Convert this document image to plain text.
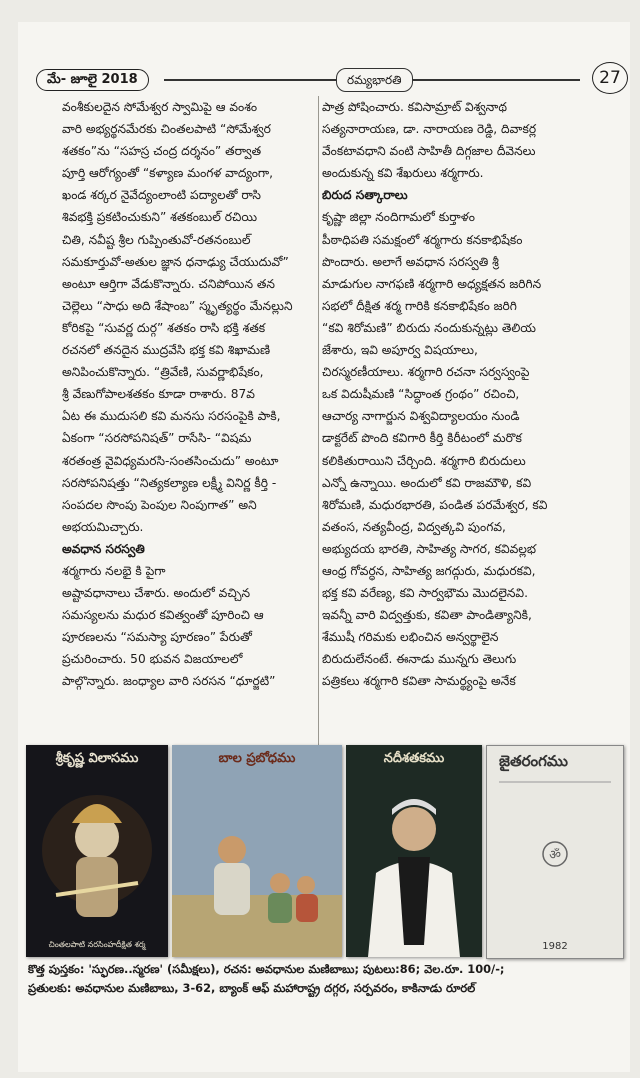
మే- జూలై 2018	రమ్యభారతి	27
వంశీకులదైన సోమేశ్వర స్వామిపై ఆ వంశం
వారి అభ్యర్థనమేరకు చింతలపాటి “సోమేశ్వర
శతకం”ను “సహస్ర చంద్ర దర్శనం” తర్వాత
పూర్తి ఆరోగ్యంతో “కళ్యాణ మంగళ వాద్యంగా,
ఖండ శర్కర నైవేద్యంలాంటి పద్యాలతో రాసి
శివభక్తి ప్రకటించుకుని” శతకంబుల్ రచియి
చితి, నవీష్ట శ్రీల గుప్పింతువో-రతనంబుల్
సమకూర్తువో-అతుల జ్ఞాన ధనాఢ్యు చేయుదువో”
అంటూ ఆర్తిగా వేడుకొన్నారు. చనిపోయిన తన
చెల్లెలు “సాధు అది శేషాంబ” స్మృత్యర్థం మేనల్లుని
కోరికపై “సువర్ణ దుర్గ” శతకం రాసి భక్తి శతక
రచనలో తనదైన ముద్రవేసి భక్త కవి శిఖామణి
అనిపించుకొన్నారు. “త్రివేణి, సువర్ణాభిషేకం,
శ్రీ వేణుగోపాలశతకం కూడా రాశారు. 87వ
ఏట ఈ ముదుసలి కవి మనసు సరసంపైకి పాకి,
ఏకంగా “సరసోపనిషత్” రాసేసి- “విషమ
శరతంత్ర వైవిధ్యమరసి-సంతసించుదు” అంటూ
సరసోపనిషత్తు “నిత్యకల్యాణ లక్ష్మీ వినిర్ణ కీర్తి -
సంపదల సొంపు పెంపుల నింపుగాత” అని
అభయమిచ్చారు.
అవధాన సరస్వతి
శర్మగారు నలభై కి పైగా
అష్టావధానాలు చేశారు. అందులో వచ్చిన
సమస్యలను మధుర కవిత్వంతో పూరించి ఆ
పూరణలను “సమస్యా పూరణం” పేరుతో
ప్రచురించారు. 50 భువన విజయాలలో
పాల్గొన్నారు. జంధ్యాల వారి సరసన “ధూర్జటి”
పాత్ర పోషించారు. కవిసామ్రాట్ విశ్వనాథ
సత్యనారాయణ, డా. నారాయణ రెడ్డి, దివాకర్ల
వేంకటావధాని వంటి సాహితీ దిగ్గజాల దీవెనలు
అందుకున్న కవి శేఖరులు శర్మగారు.
బిరుద సత్కారాలు
కృష్ణా జిల్లా నందిగామలో కుర్తాళం
పీఠాధిపతి సమక్షంలో శర్మగారు కనకాభిషేకం
పొందారు. అలాగే అవధాన సరస్వతి శ్రీ
మాడుగుల నాగఫణి శర్మగారి అధ్యక్షతన జరిగిన
సభలో దీక్షిత శర్మ గారికి కనకాభిషేకం జరిగి
“కవి శిరోమణి” బిరుదు నందుకున్నట్లు తెలియ
జేశారు, ఇవి అపూర్వ విషయాలు,
చిరస్మరణీయాలు. శర్మగారి రచనా సర్వస్వంపై
ఒక విదుషీమణి “సిద్ధాంత గ్రంథం” రచించి,
ఆచార్య నాగార్జున విశ్వవిద్యాలయం నుండి
డాక్టరేట్ పొంది కవిగారి కీర్తి కిరీటంలో మరొక
కలికితురాయిని చేర్చింది. శర్మగారి బిరుదులు
ఎన్నో ఉన్నాయి. అందులో కవి రాజమౌళి, కవి
శిరోమణి, మధురభారతి, పండిత పరమేశ్వర, కవి
వతంస, నత్యవీంద్ర, విద్వత్కవి పుంగవ,
అభ్యుదయ భారతి, సాహిత్య సాగర, కవివల్లభ
ఆంధ్ర గోవర్ధన, సాహిత్య జగద్గురు, మధురకవి,
భక్త కవి వరేణ్య, కవి సార్వభౌమ మొదలైనవి.
ఇవన్నీ వారి విద్వత్తుకు, కవితా పాండిత్యానికి,
శేముషీ గరిమకు లభించిన అన్వర్థాలైన
బిరుదులేనంటే. ఈనాడు మున్నగు తెలుగు
పత్రికలు శర్మగారి కవితా సామర్థ్యంపై అనేక
శ్రీకృష్ణ విలాసము
చింతలపాటి నరసింహదీక్షిత శర్మ
బాల ప్రబోధము	నదీశతకము	జైతరంగము
ॐ
1982
కొత్త పుస్తకం: 'స్ఫురణ..స్మరణ' (సమీక్షలు), రచన: అవధానుల మణిబాబు; పుటలు:86; వెల.రూ. 100/-;
ప్రతులకు: అవధానుల మణిబాబు, 3-62, బ్యాంక్ ఆఫ్ మహారాష్ట్ర దగ్గర, సర్పవరం, కాకినాడు రూరల్
